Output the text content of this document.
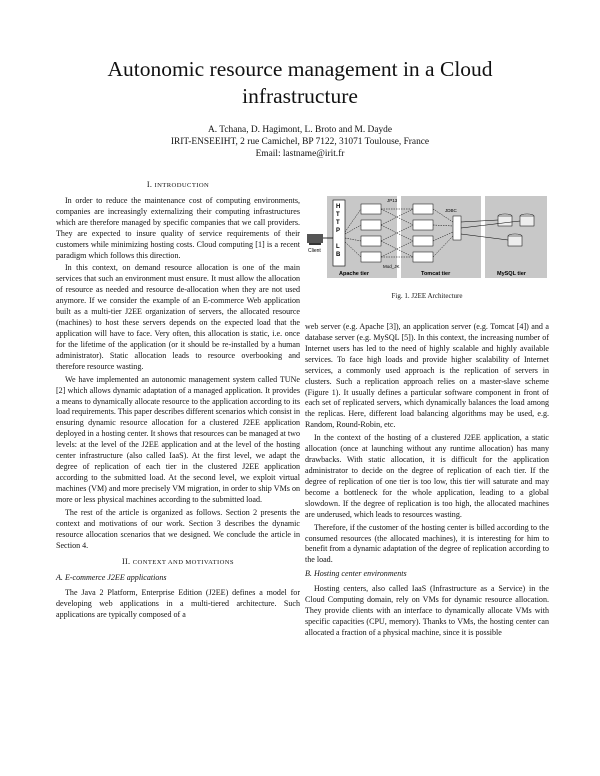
Autonomic resource management in a Cloud infrastructure
A. Tchana, D. Hagimont, L. Broto and M. Dayde
IRIT-ENSEEIHT, 2 rue Camichel, BP 7122, 31071 Toulouse, France
Email: lastname@irit.fr
I. INTRODUCTION

In order to reduce the maintenance cost of computing environments, companies are increasingly externalizing their computing infrastructures which are therefore managed by specific companies that we call providers. They are expected to insure quality of service requirements of their customers while minimizing hosting costs. Cloud computing [1] is a recent paradigm which follows this direction.

In this context, on demand resource allocation is one of the main services that such an environment must ensure. It must allow the allocation of resource as needed and resource de-allocation when they are not used anymore. If we consider the example of an E-commerce Web application built as a multi-tier J2EE organization of servers, the allocated resource (machines) to host these servers depends on the expected load that the application will have to face. Very often, this allocation is static, i.e. once for the lifetime of the application (or it should be re-installed by a human administrator). Static allocation leads to resource overbooking and therefore resource wasting.

We have implemented an autonomic management system called TUNe [2] which allows dynamic adaptation of a managed application. It provides a means to dynamically allocate resource to the application according to its load requirements. This paper describes different scenarios which consist in ensuring dynamic resource allocation for a clustered J2EE application deployed in a hosting center. It shows that resources can be managed at two levels: at the level of the J2EE application and at the level of the hosting center infrastructure (also called IaaS). At the first level, we adapt the degree of replication of each tier in the clustered J2EE application according to the submitted load. At the second level, we exploit virtual machines (VM) and more precisely VM migration, in order to ship VMs on more or less physical machines according to the submitted load.

The rest of the article is organized as follows. Section 2 presents the context and motivations of our work. Section 3 describes the dynamic resource allocation scenarios that we designed. We conclude the article in Section 4.

II. CONTEXT AND MOTIVATIONS
A. E-commerce J2EE applications

The Java 2 Platform, Enterprise Edition (J2EE) defines a model for developing web applications in a multi-tiered architecture. Such applications are typically composed of a

Client
H
T
T
P
L
B
JP13
Mod_JK
JDBC
Apache tier	Tomcat tier	MySQL tier
Fig. 1. J2EE Architecture

web server (e.g. Apache [3]), an application server (e.g. Tomcat [4]) and a database server (e.g. MySQL [5]). In this context, the increasing number of Internet users has led to the need of highly scalable and highly available services. To face high loads and provide higher scalability of Internet services, a commonly used approach is the replication of servers in clusters. Such a replication approach relies on a master-slave scheme (Figure 1). It usually defines a particular software component in front of each set of replicated servers, which dynamically balances the load among the replicas. Here, different load balancing algorithms may be used, e.g. Random, Round-Robin, etc.

In the context of the hosting of a clustered J2EE application, a static allocation (once at launching without any runtime allocation) has many drawbacks. With static allocation, it is difficult for the application administrator to decide on the degree of replication of each tier. If the degree of replication of one tier is too low, this tier will saturate and may become a bottleneck for the whole application, leading to a global slowdown. If the degree of replication is too high, the allocated machines are underused, which leads to resources wasting.

Therefore, if the customer of the hosting center is billed according to the consumed resources (the allocated machines), it is interesting for him to benefit from a dynamic adaptation of the degree of replication according to the load.

B. Hosting center environments

Hosting centers, also called IaaS (Infrastructure as a Service) in the Cloud Computing domain, rely on VMs for dynamic resource allocation. They provide clients with an interface to dynamically allocate VMs with specific capacities (CPU, memory). Thanks to VMs, the hosting center can allocated a fraction of a physical machine, since it is possible
